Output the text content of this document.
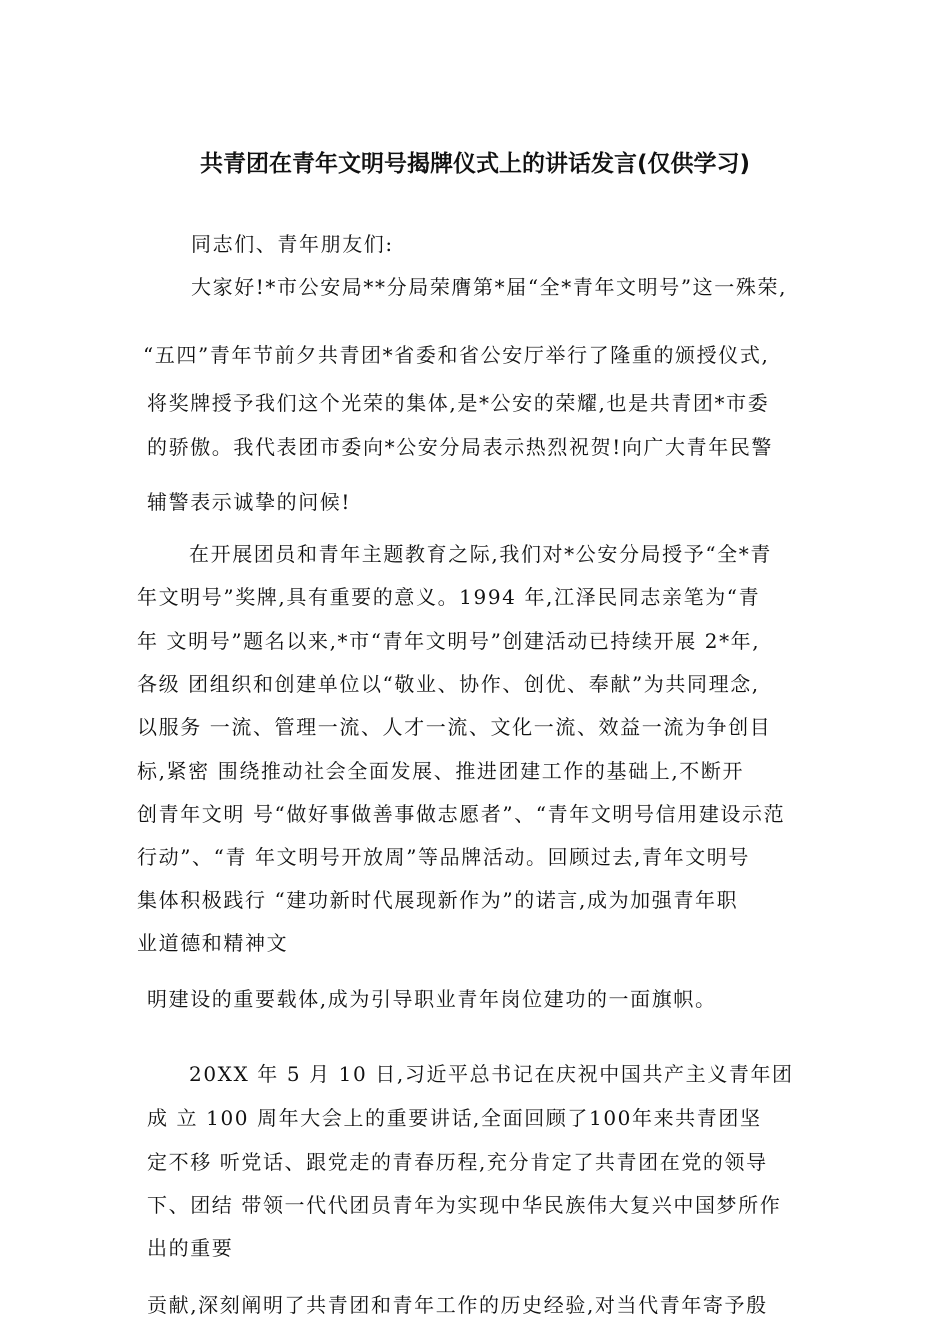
共青团在青年文明号揭牌仪式上的讲话发言(仅供学习)
同志们、青年朋友们:
大家好!*市公安局**分局荣膺第*届“全*青年文明号”这一殊荣,
“五四”青年节前夕共青团*省委和省公安厅举行了隆重的颁授仪式,
将奖牌授予我们这个光荣的集体,是*公安的荣耀,也是共青团*市委
的骄傲。我代表团市委向*公安分局表示热烈祝贺!向广大青年民警
辅警表示诚挚的问候!
在开展团员和青年主题教育之际,我们对*公安分局授予“全*青
年文明号”奖牌,具有重要的意义。1994 年,江泽民同志亲笔为“青
年 文明号”题名以来,*市“青年文明号”创建活动已持续开展 2*年,
各级 团组织和创建单位以“敬业、协作、创优、奉献”为共同理念,
以服务 一流、管理一流、人才一流、文化一流、效益一流为争创目
标,紧密 围绕推动社会全面发展、推进团建工作的基础上,不断开
创青年文明 号“做好事做善事做志愿者”、“青年文明号信用建设示范
行动”、“青 年文明号开放周”等品牌活动。回顾过去,青年文明号
集体积极践行 “建功新时代展现新作为”的诺言,成为加强青年职
业道德和精神文
明建设的重要载体,成为引导职业青年岗位建功的一面旗帜。
20XX 年 5 月 10 日,习近平总书记在庆祝中国共产主义青年团
成 立 100 周年大会上的重要讲话,全面回顾了100年来共青团坚
定不移 听党话、跟党走的青春历程,充分肯定了共青团在党的领导
下、团结 带领一代代团员青年为实现中华民族伟大复兴中国梦所作
出的重要
贡献,深刻阐明了共青团和青年工作的历史经验,对当代青年寄予殷
